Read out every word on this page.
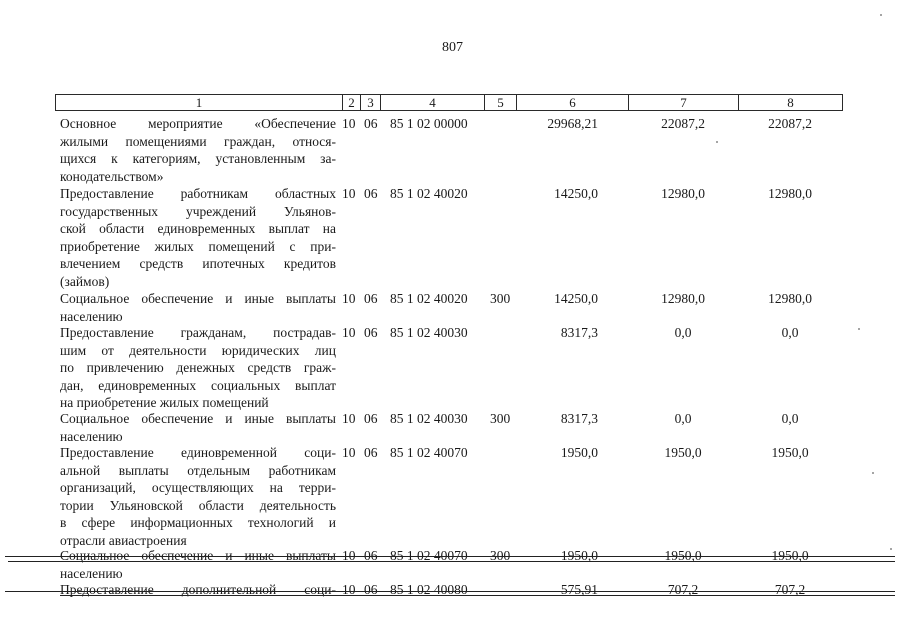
807
1	2 3	4	5	6	7	8
Основное мероприятие «Обеспечение
жилыми помещениями граждан, относя-
щихся к категориям, установленным за-
конодательством»
10 06 85 1 02 00000	29968,21	22087,2	22087,2
Предоставление работникам областных
государственных учреждений Ульянов-
ской области единовременных выплат на
приобретение жилых помещений с при-
влечением средств ипотечных кредитов
(займов)
10 06 85 1 02 40020	14250,0	12980,0	12980,0
Социальное обеспечение и иные выплаты
населению
10 06 85 1 02 40020 300	14250,0	12980,0	12980,0
Предоставление гражданам, пострадав-
шим от деятельности юридических лиц
по привлечению денежных средств граж-
дан, единовременных социальных выплат
на приобретение жилых помещений
10 06 85 1 02 40030	8317,3	0,0	0,0
Социальное обеспечение и иные выплаты
населению
10 06 85 1 02 40030 300	8317,3	0,0	0,0
Предоставление единовременной соци-
альной выплаты отдельным работникам
организаций, осуществляющих на терри-
тории Ульяновской области деятельность
в сфере информационных технологий и
отрасли авиастроения
10 06 85 1 02 40070	1950,0	1950,0	1950,0
Социальное обеспечение и иные выплаты
населению
10 06 85 1 02 40070 300	1950,0	1950,0	1950,0
Предоставление дополнительной соци- 10 06 85 1 02 40080	575,91	707,2	707,2
